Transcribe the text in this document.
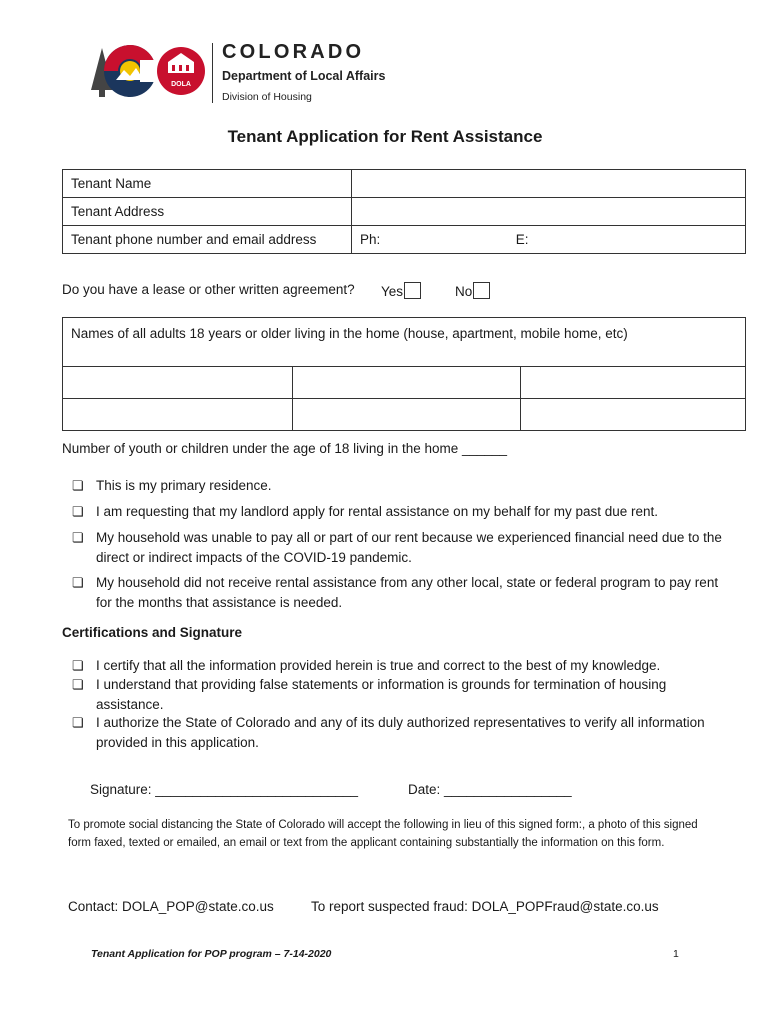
DOLA
COLORADO
Department of Local Affairs
Division of Housing
Tenant Application for Rent Assistance
Tenant Name	
Tenant Address	
Tenant phone number and email address	Ph: E:
Do you have a lease or other written agreement? Yes	No
Names of all adults 18 years or older living in the home (house, apartment, mobile home, etc)		

Number of youth or children under the age of 18 living in the home ______
❏ This is my primary residence.
❏ I am requesting that my landlord apply for rental assistance on my behalf for my past due rent.
❏ My household was unable to pay all or part of our rent because we experienced financial need due to the direct or indirect impacts of the COVID-19 pandemic.
❏ My household did not receive rental assistance from any other local, state or federal program to pay rent for the months that assistance is needed.
Certifications and Signature
❏ I certify that all the information provided herein is true and correct to the best of my knowledge.
❏ I understand that providing false statements or information is grounds for termination of housing assistance.
❏ I authorize the State of Colorado and any of its duly authorized representatives to verify all information provided in this application.
Signature: ___________________________	Date: _________________
To promote social distancing the State of Colorado will accept the following in lieu of this signed form:, a photo of this signed form faxed, texted or emailed, an email or text from the applicant containing substantially the information on this form.
Contact: DOLA_POP@state.co.us	To report suspected fraud: DOLA_POPFraud@state.co.us
Tenant Application for POP program – 7-14-2020	1
